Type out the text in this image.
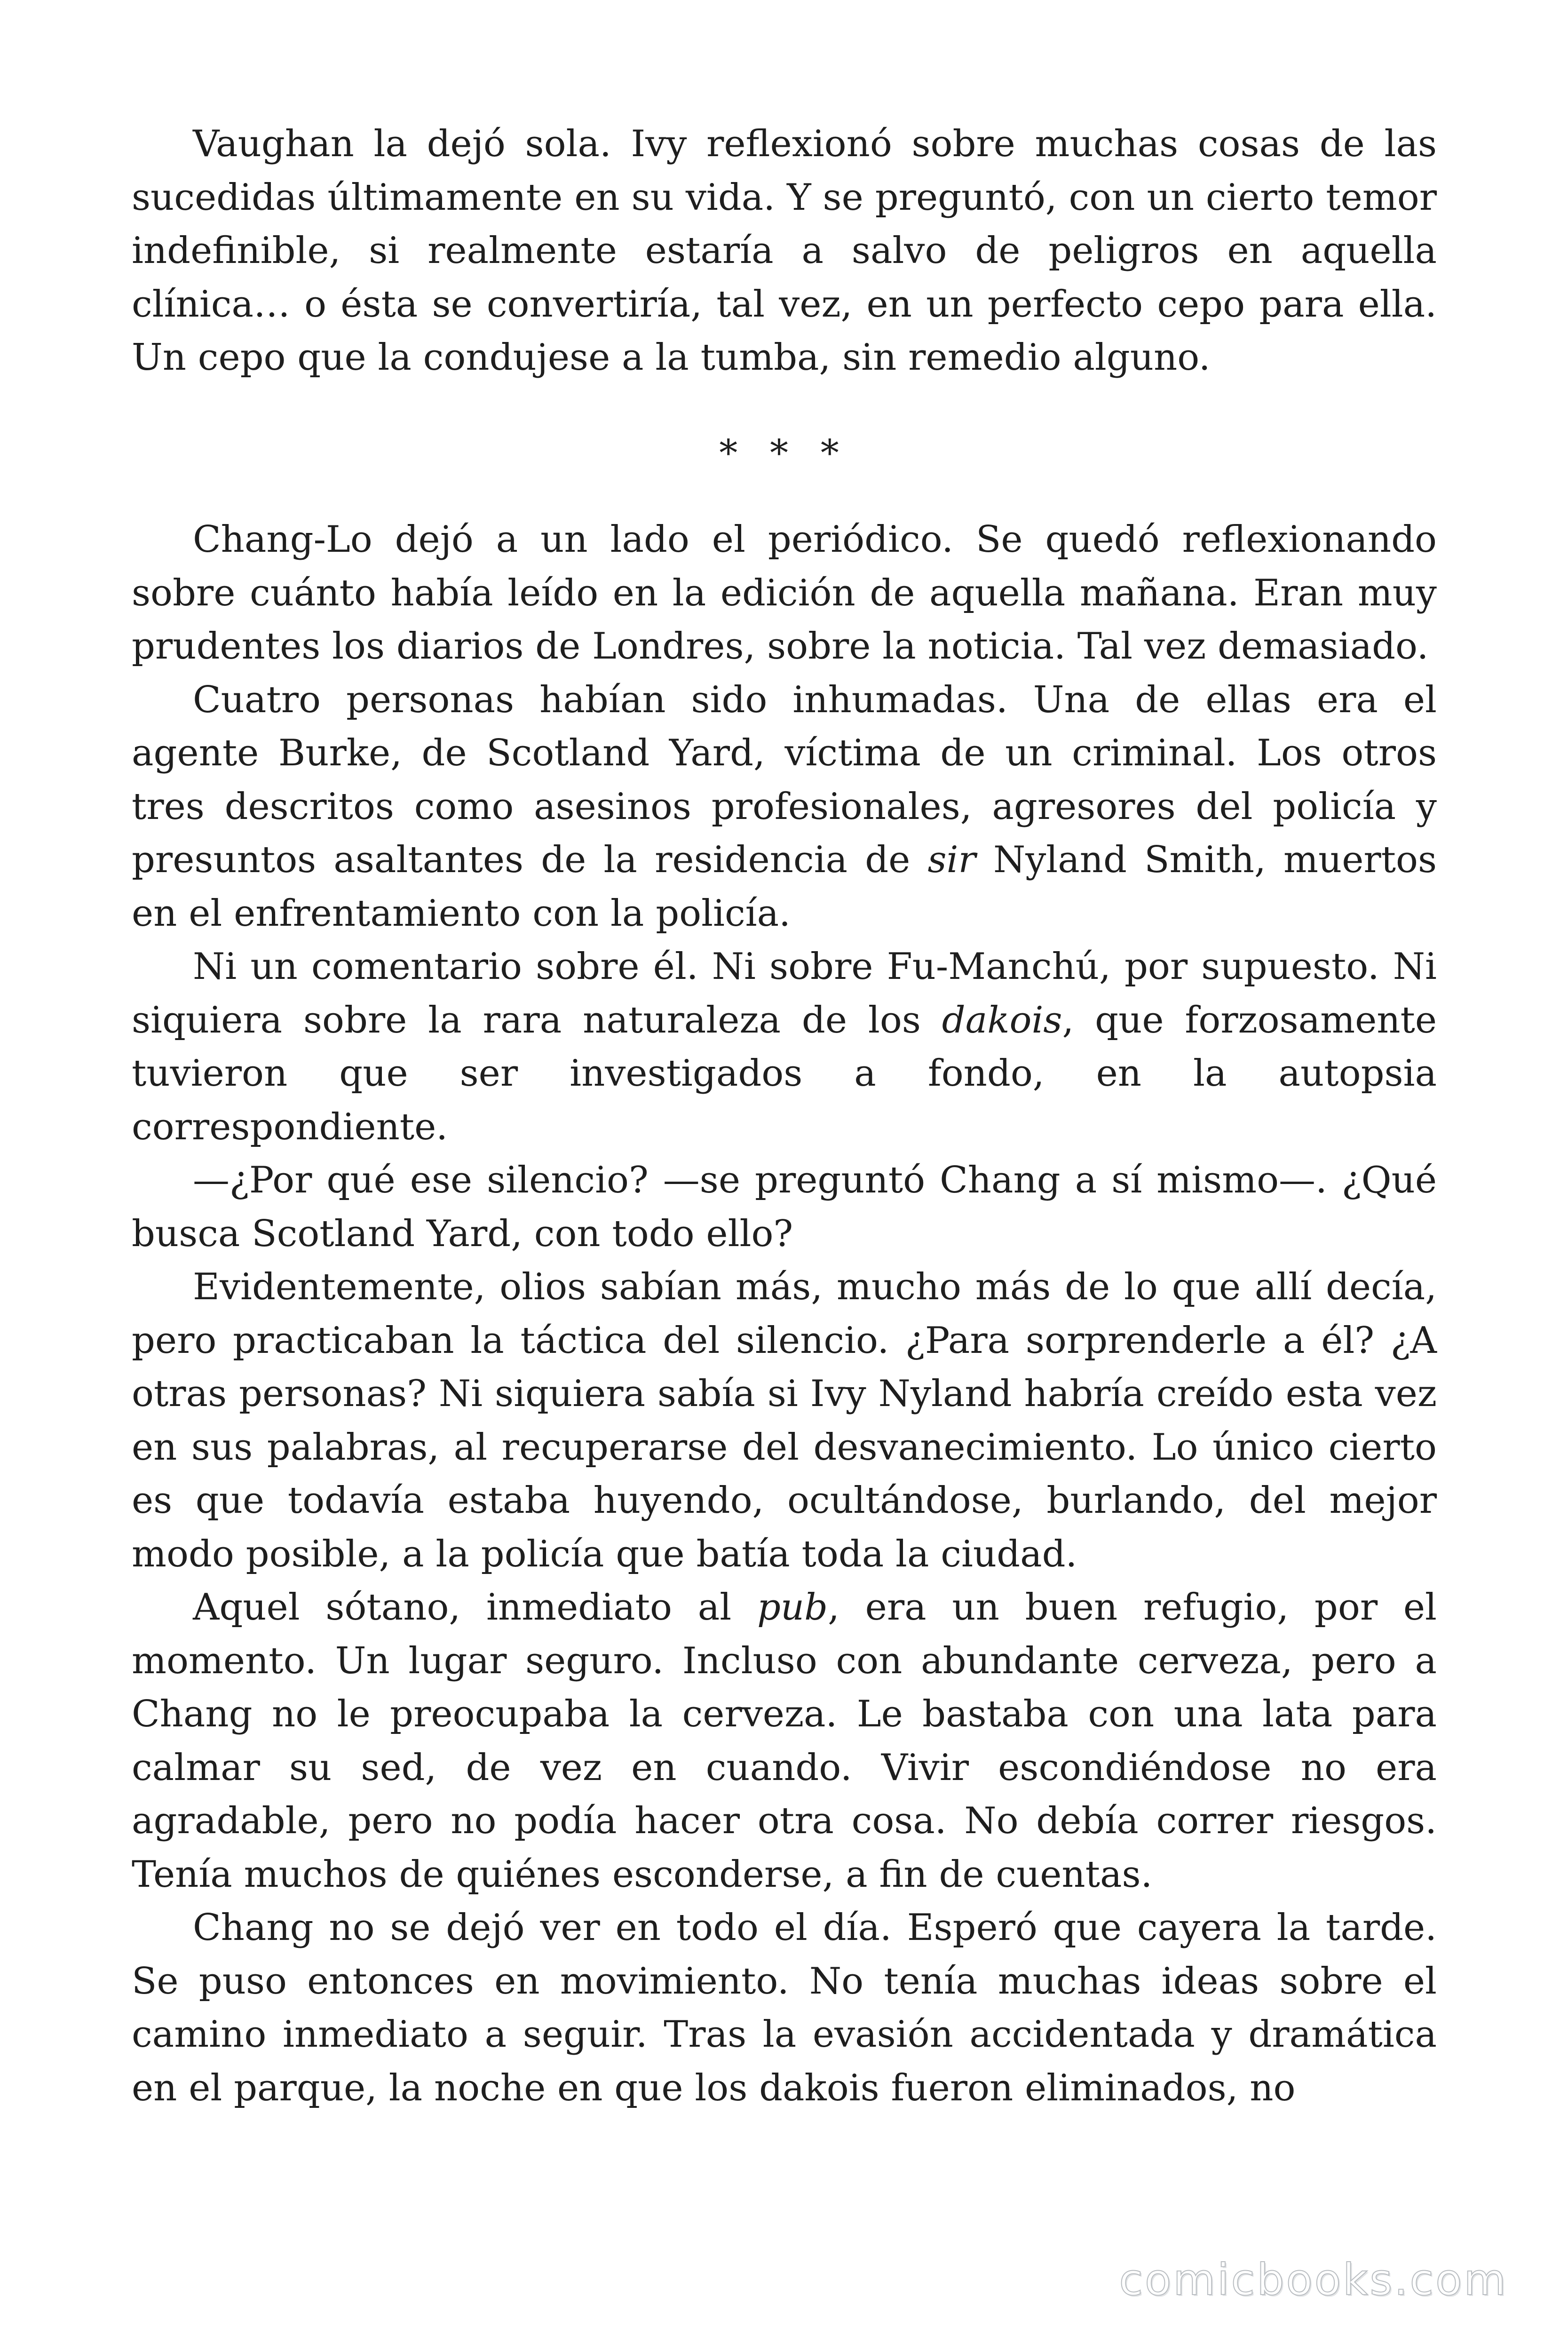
Vaughan la dejó sola. Ivy reflexionó sobre muchas cosas de las sucedidas últimamente en su vida. Y se preguntó, con un cierto temor indefinible, si realmente estaría a salvo de peligros en aquella clínica… o ésta se convertiría, tal vez, en un perfecto cepo para ella. Un cepo que la condujese a la tumba, sin remedio alguno.

* * *

Chang-Lo dejó a un lado el periódico. Se quedó reflexionando sobre cuánto había leído en la edición de aquella mañana. Eran muy prudentes los diarios de Londres, sobre la noticia. Tal vez demasiado.

Cuatro personas habían sido inhumadas. Una de ellas era el agente Burke, de Scotland Yard, víctima de un criminal. Los otros tres descritos como asesinos profesionales, agresores del policía y presuntos asaltantes de la residencia de sir Nyland Smith, muertos en el enfrentamiento con la policía.

Ni un comentario sobre él. Ni sobre Fu-Manchú, por supuesto. Ni siquiera sobre la rara naturaleza de los dakois, que forzosamente tuvieron que ser investigados a fondo, en la autopsia correspondiente.

—¿Por qué ese silencio? —se preguntó Chang a sí mismo—. ¿Qué busca Scotland Yard, con todo ello?

Evidentemente, olios sabían más, mucho más de lo que allí decía, pero practicaban la táctica del silencio. ¿Para sorprenderle a él? ¿A otras personas? Ni siquiera sabía si Ivy Nyland habría creído esta vez en sus palabras, al recuperarse del desvanecimiento. Lo único cierto es que todavía estaba huyendo, ocultándose, burlando, del mejor modo posible, a la policía que batía toda la ciudad.

Aquel sótano, inmediato al pub, era un buen refugio, por el momento. Un lugar seguro. Incluso con abundante cerveza, pero a Chang no le preocupaba la cerveza. Le bastaba con una lata para calmar su sed, de vez en cuando. Vivir escondiéndose no era agradable, pero no podía hacer otra cosa. No debía correr riesgos. Tenía muchos de quiénes esconderse, a fin de cuentas.

Chang no se dejó ver en todo el día. Esperó que cayera la tarde. Se puso entonces en movimiento. No tenía muchas ideas sobre el camino inmediato a seguir. Tras la evasión accidentada y dramática en el parque, la noche en que los dakois fueron eliminados, no

comicbooks.com
